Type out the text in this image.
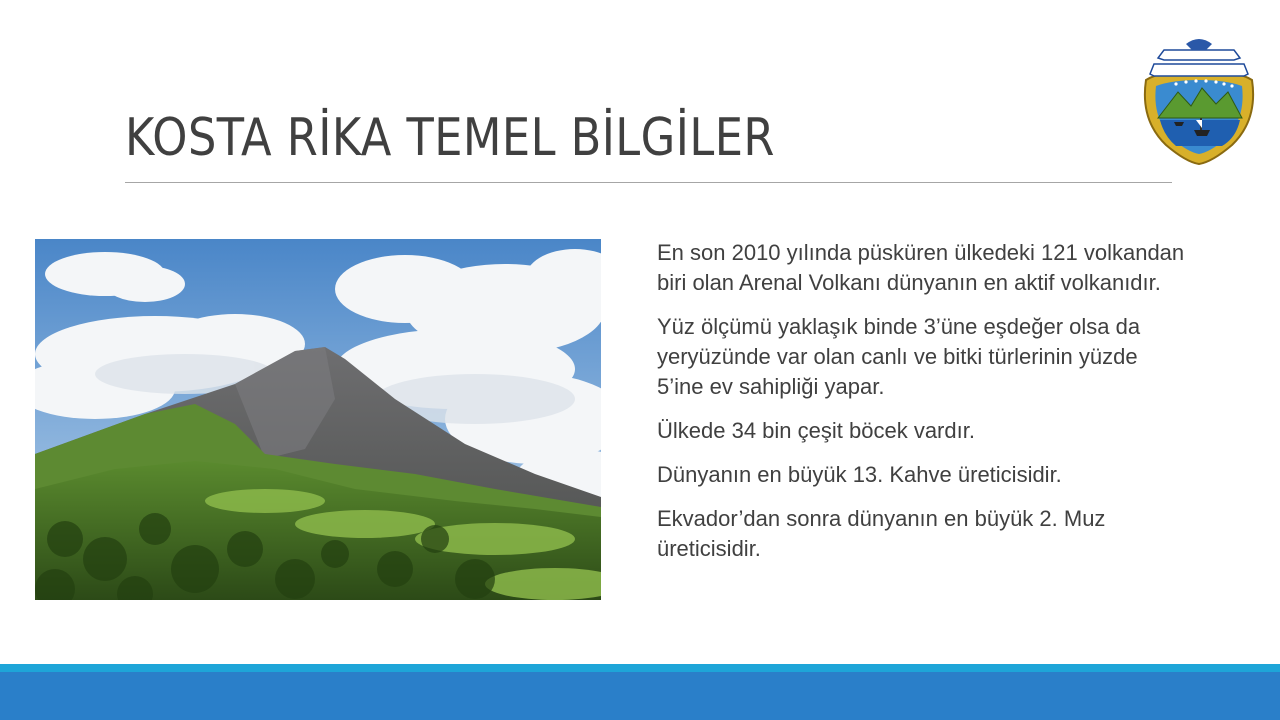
KOSTA RİKA TEMEL BİLGİLER

En son 2010 yılında püsküren ülkedeki 121 volkandan biri olan Arenal Volkanı dünyanın en aktif volkanıdır.

Yüz ölçümü yaklaşık binde 3’üne eşdeğer olsa da yeryüzünde var olan canlı ve bitki türlerinin yüzde 5’ine ev sahipliği yapar.

Ülkede 34 bin çeşit böcek vardır.

Dünyanın en büyük 13. Kahve üreticisidir.

Ekvador’dan sonra dünyanın en büyük 2. Muz üreticisidir.
